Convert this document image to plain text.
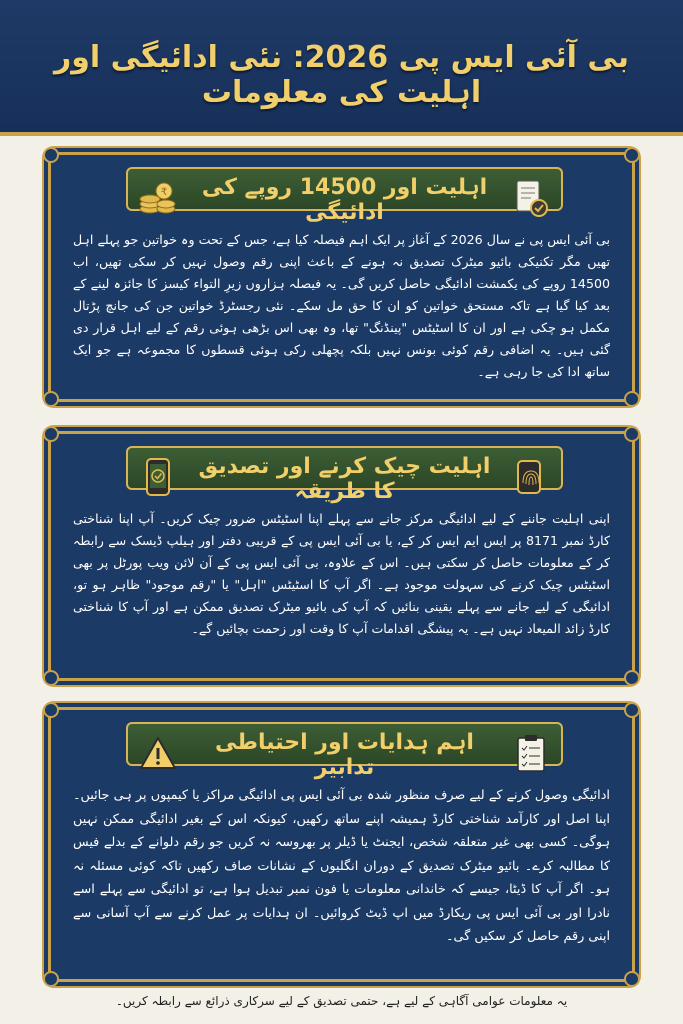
بی آئی ایس پی 2026: نئی ادائیگی اور اہلیت کی معلومات
₹	اہلیت اور 14500 روپے کی ادائیگی
بی آئی ایس پی نے سال 2026 کے آغاز پر ایک اہم فیصلہ کیا ہے، جس کے تحت وہ خواتین جو پہلے اہل تھیں مگر تکنیکی بائیو میٹرک تصدیق نہ ہونے کے باعث اپنی رقم وصول نہیں کر سکی تھیں، اب 14500 روپے کی یکمشت ادائیگی حاصل کریں گی۔ یہ فیصلہ ہزاروں زیرِ التواء کیسز کا جائزہ لینے کے بعد کیا گیا ہے تاکہ مستحق خواتین کو ان کا حق مل سکے۔ نئی رجسٹرڈ خواتین جن کی جانچ پڑتال مکمل ہو چکی ہے اور ان کا اسٹیٹس "پینڈنگ" تھا، وہ بھی اس بڑھی ہوئی رقم کے لیے اہل قرار دی گئی ہیں۔ یہ اضافی رقم کوئی بونس نہیں بلکہ پچھلی رکی ہوئی قسطوں کا مجموعہ ہے جو ایک ساتھ ادا کی جا رہی ہے۔
اہلیت چیک کرنے اور تصدیق کا طریقہ
اپنی اہلیت جاننے کے لیے ادائیگی مرکز جانے سے پہلے اپنا اسٹیٹس ضرور چیک کریں۔ آپ اپنا شناختی کارڈ نمبر 8171 پر ایس ایم ایس کر کے، یا بی آئی ایس پی کے قریبی دفتر اور ہیلپ ڈیسک سے رابطہ کر کے معلومات حاصل کر سکتی ہیں۔ اس کے علاوہ، بی آئی ایس پی کے آن لائن ویب پورٹل پر بھی اسٹیٹس چیک کرنے کی سہولت موجود ہے۔ اگر آپ کا اسٹیٹس "اہل" یا "رقم موجود" ظاہر ہو تو، ادائیگی کے لیے جانے سے پہلے یقینی بنائیں کہ آپ کی بائیو میٹرک تصدیق ممکن ہے اور آپ کا شناختی کارڈ زائد المیعاد نہیں ہے۔ یہ پیشگی اقدامات آپ کا وقت اور زحمت بچائیں گے۔
اہم ہدایات اور احتیاطی تدابیر
ادائیگی وصول کرنے کے لیے صرف منظور شدہ بی آئی ایس پی ادائیگی مراکز یا کیمپوں پر ہی جائیں۔ اپنا اصل اور کارآمد شناختی کارڈ ہمیشہ اپنے ساتھ رکھیں، کیونکہ اس کے بغیر ادائیگی ممکن نہیں ہوگی۔ کسی بھی غیر متعلقہ شخص، ایجنٹ یا ڈیلر پر بھروسہ نہ کریں جو رقم دلوانے کے بدلے فیس کا مطالبہ کرے۔ بائیو میٹرک تصدیق کے دوران انگلیوں کے نشانات صاف رکھیں تاکہ کوئی مسئلہ نہ ہو۔ اگر آپ کا ڈیٹا، جیسے کہ خاندانی معلومات یا فون نمبر تبدیل ہوا ہے، تو ادائیگی سے پہلے اسے نادرا اور بی آئی ایس پی ریکارڈ میں اپ ڈیٹ کروائیں۔ ان ہدایات پر عمل کرنے سے آپ آسانی سے اپنی رقم حاصل کر سکیں گی۔
یہ معلومات عوامی آگاہی کے لیے ہے، حتمی تصدیق کے لیے سرکاری ذرائع سے رابطہ کریں۔
